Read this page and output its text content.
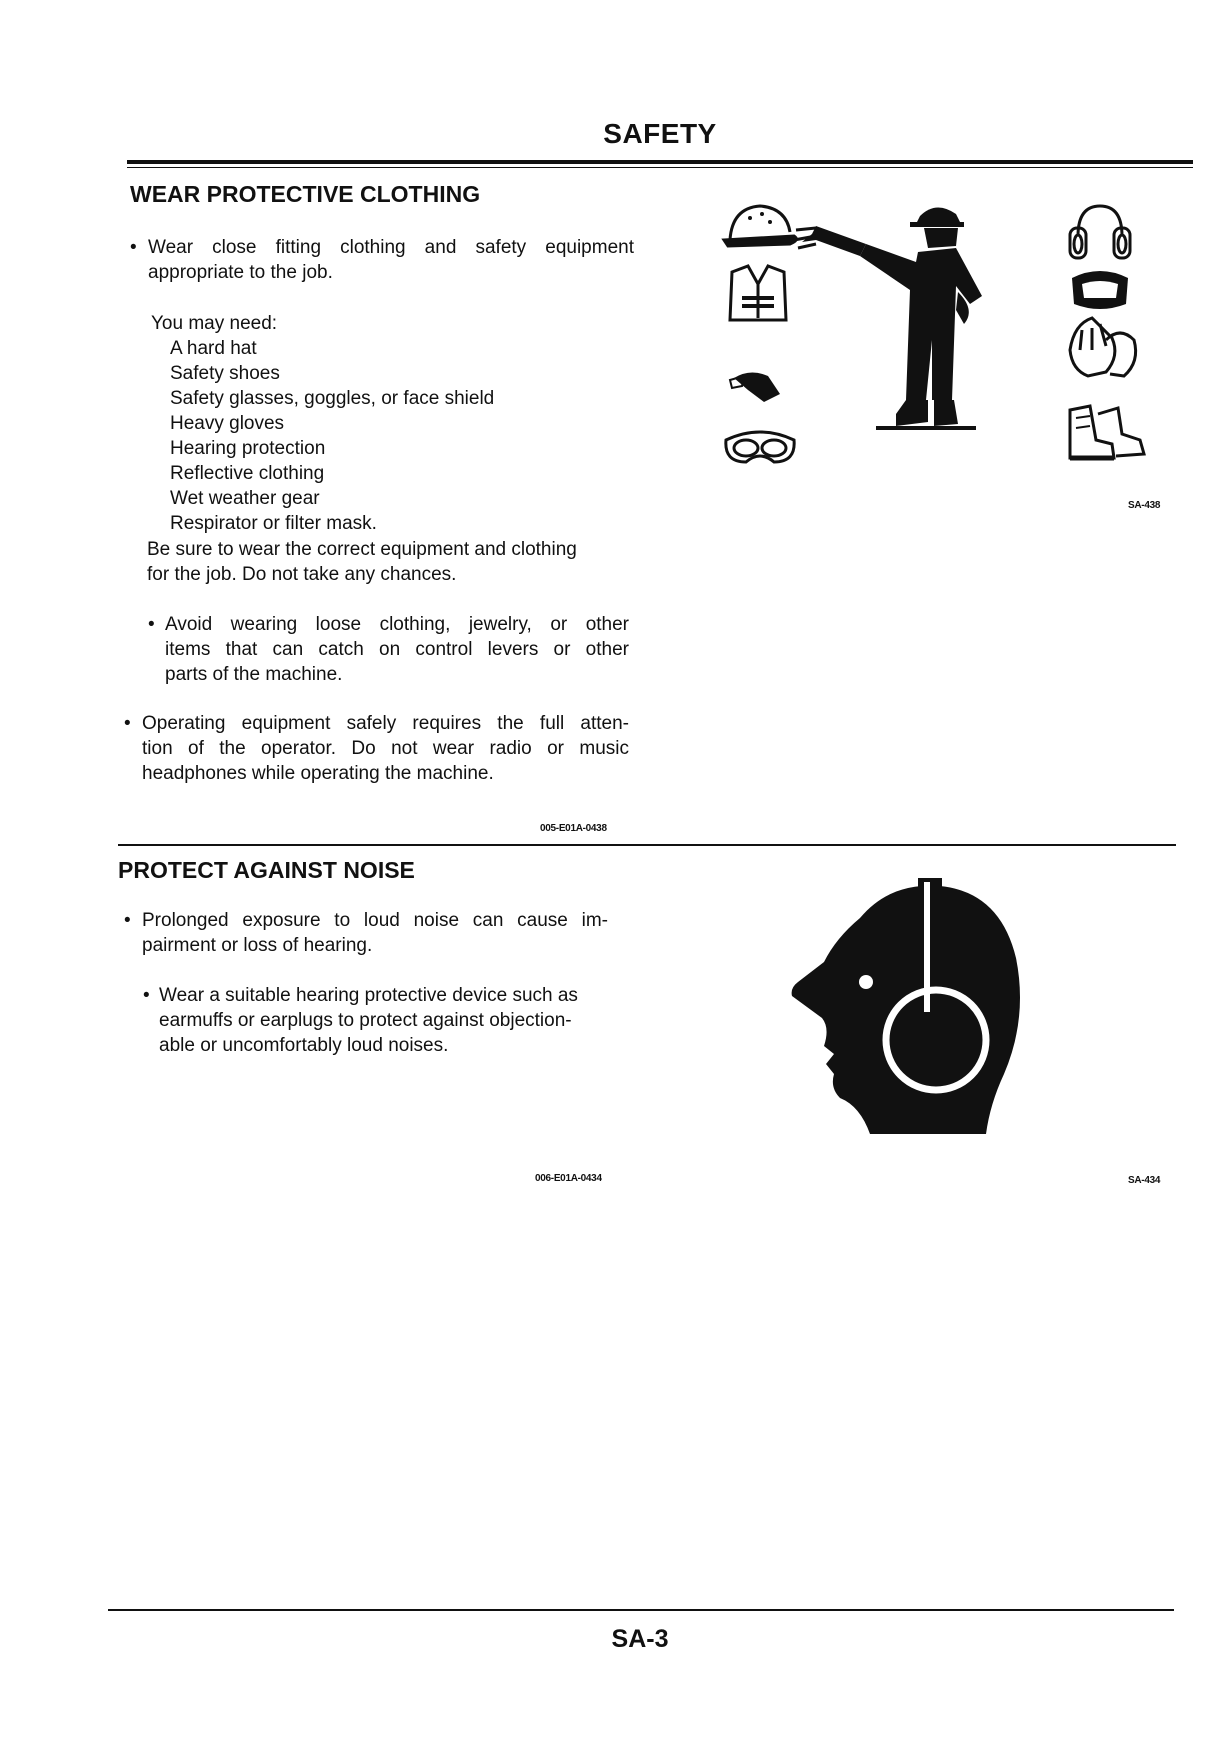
SAFETY
WEAR PROTECTIVE CLOTHING
• Wear close fitting clothing and safety equipment
appropriate to the job.
You may need:
A hard hat
Safety shoes
Safety glasses, goggles, or face shield
Heavy gloves
Hearing protection
Reflective clothing
Wet weather gear
Respirator or filter mask.
Be sure to wear the correct equipment and clothing
for the job. Do not take any chances.
• Avoid wearing loose clothing, jewelry, or other
items that can catch on control levers or other
parts of the machine.
• Operating equipment safely requires the full atten-
tion of the operator. Do not wear radio or music
headphones while operating the machine.
005-E01A-0438
SA-438
PROTECT AGAINST NOISE
• Prolonged exposure to loud noise can cause im-
pairment or loss of hearing.
• Wear a suitable hearing protective device such as
earmuffs or earplugs to protect against objection-
able or uncomfortably loud noises.
006-E01A-0434	SA-434
SA-3
